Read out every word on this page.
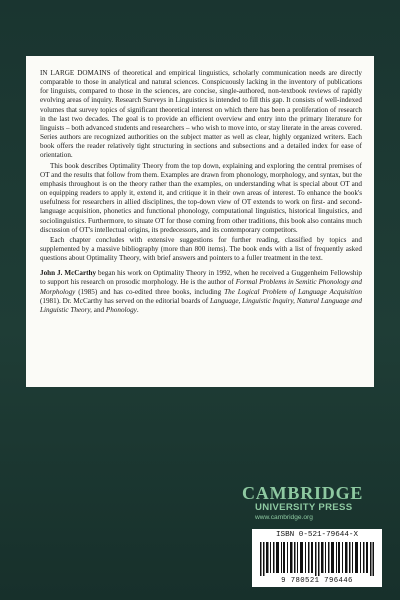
IN LARGE DOMAINS of theoretical and empirical linguistics, scholarly communication needs are directly comparable to those in analytical and natural sciences. Conspicuously lacking in the inventory of publications for linguists, compared to those in the sciences, are concise, single-authored, non-textbook reviews of rapidly evolving areas of inquiry. Research Surveys in Linguistics is intended to fill this gap. It consists of well-indexed volumes that survey topics of significant theoretical interest on which there has been a proliferation of research in the last two decades. The goal is to provide an efficient overview and entry into the primary literature for linguists – both advanced students and researchers – who wish to move into, or stay literate in the areas covered. Series authors are recognized authorities on the subject matter as well as clear, highly organized writers. Each book offers the reader relatively tight structuring in sections and subsections and a detailed index for ease of orientation.

This book describes Optimality Theory from the top down, explaining and exploring the central premises of OT and the results that follow from them. Examples are drawn from phonology, morphology, and syntax, but the emphasis throughout is on the theory rather than the examples, on understanding what is special about OT and on equipping readers to apply it, extend it, and critique it in their own areas of interest. To enhance the book's usefulness for researchers in allied disciplines, the top-down view of OT extends to work on first- and second-language acquisition, phonetics and functional phonology, computational linguistics, historical linguistics, and sociolinguistics. Furthermore, to situate OT for those coming from other traditions, this book also contains much discussion of OT's intellectual origins, its predecessors, and its contemporary competitors.

Each chapter concludes with extensive suggestions for further reading, classified by topics and supplemented by a massive bibliography (more than 800 items). The book ends with a list of frequently asked questions about Optimality Theory, with brief answers and pointers to a fuller treatment in the text.

John J. McCarthy began his work on Optimality Theory in 1992, when he received a Guggenheim Fellowship to support his research on prosodic morphology. He is the author of Formal Problems in Semitic Phonology and Morphology (1985) and has co-edited three books, including The Logical Problem of Language Acquisition (1981). Dr. McCarthy has served on the editorial boards of Language, Linguistic Inquiry, Natural Language and Linguistic Theory, and Phonology.

CAMBRIDGE
UNIVERSITY PRESS
www.cambridge.org
ISBN 0-521-79644-X
9 780521 796446
